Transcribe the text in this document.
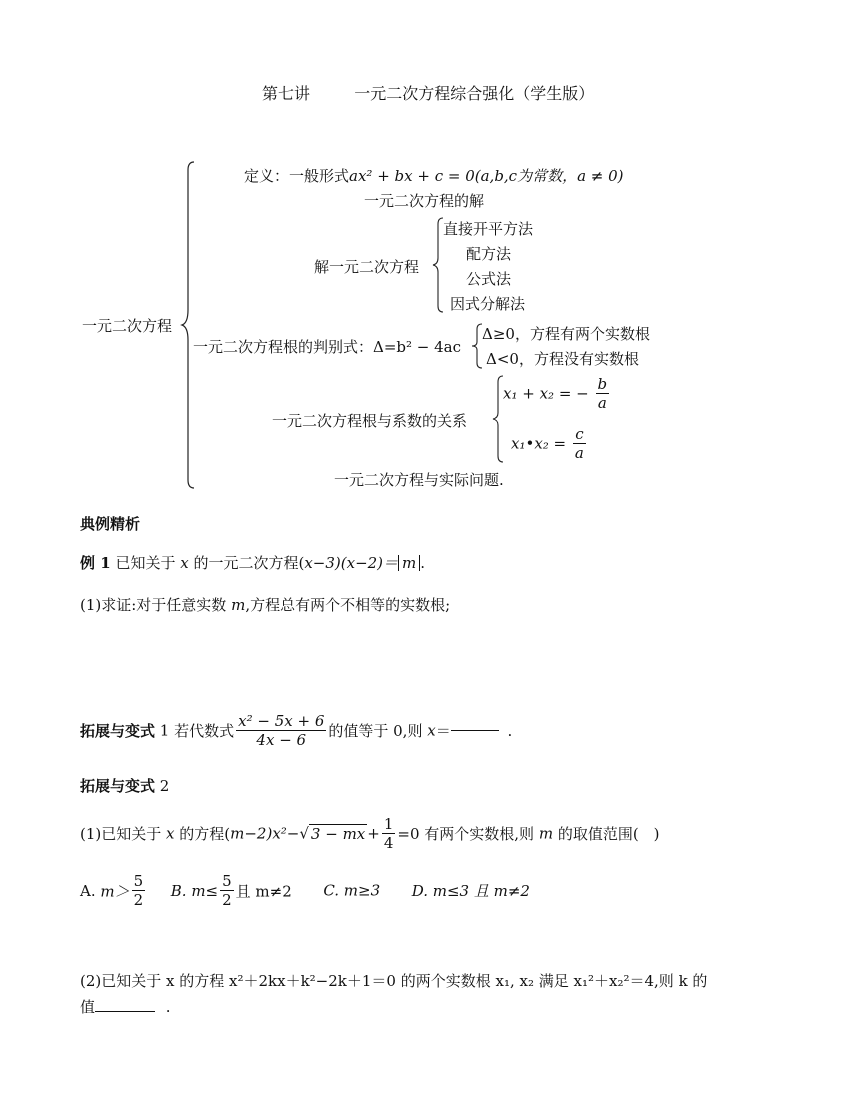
第七讲	一元二次方程综合强化（学生版）
一元二次方程
定义：一般形式ax² + bx + c = 0(a,b,c为常数，a ≠ 0)
一元二次方程的解
解一元二次方程
直接开平方法
配方法
公式法
因式分解法
一元二次方程根的判别式：Δ=b² − 4ac
Δ≥0，方程有两个实数根
Δ<0，方程没有实数根
一元二次方程根与系数的关系
x₁ + x₂ = − $\frac{b}{a}$
x₁•x₂ = $\frac{c}{a}$
一元二次方程与实际问题.
典例精析
例 1 已知关于 x 的一元二次方程(x−3)(x−2)＝ m .
(1)求证:对于任意实数 m,方程总有两个不相等的实数根;
拓展与变式 1 若代数式 $\frac{\text{x² − 5x + 6}}{4x - 6}$ 的值等于 0,则 x＝	.
拓展与变式 2
(1)已知关于 x 的方程(m−2)x²−√ 3 − mx + $\frac{1}{4} =0$ 有两个实数根,则 m 的取值范围(　)
A. $m> \frac{5}{2} B$. $m\le \frac{5}{2}$ 且 m≠2 C. m≥3 D. m≤3 且 m≠2
(2)已知关于 x 的方程 x²＋2kx＋k²−2k＋1＝0 的两个实数根 x₁, x₂ 满足 x₁²＋x₂²＝4,则 k 的
值	.
